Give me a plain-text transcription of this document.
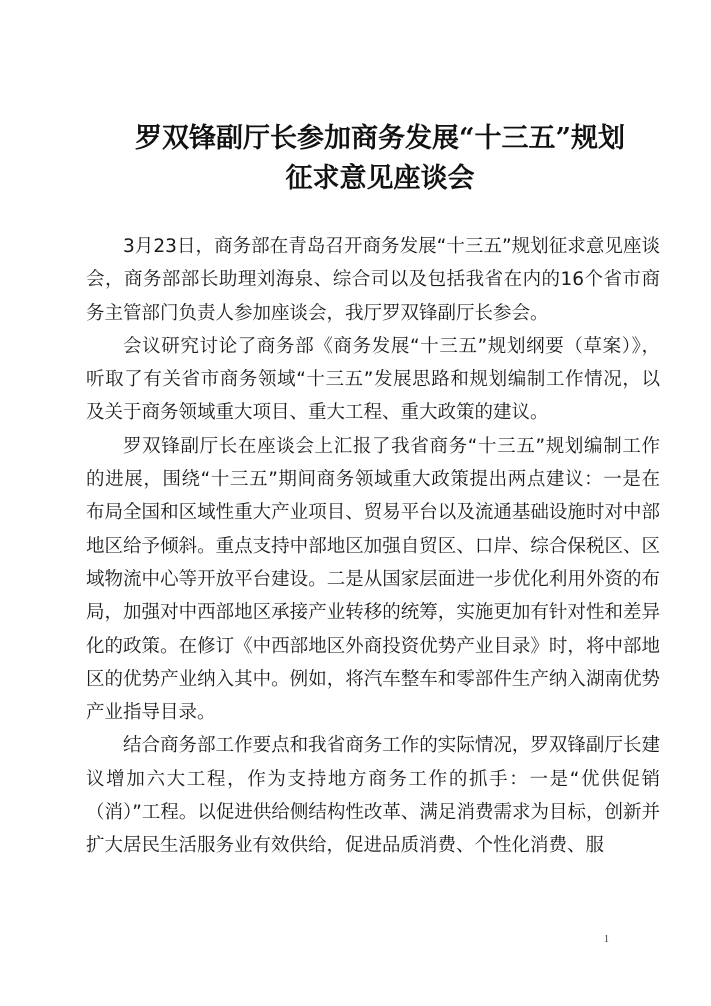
罗双锋副厅长参加商务发展“十三五”规划
征求意见座谈会

3月23日，商务部在青岛召开商务发展“十三五”规划征求意见座谈会，商务部部长助理刘海泉、综合司以及包括我省在内的16个省市商务主管部门负责人参加座谈会，我厅罗双锋副厅长参会。

会议研究讨论了商务部《商务发展“十三五”规划纲要（草案）》，听取了有关省市商务领域“十三五”发展思路和规划编制工作情况，以及关于商务领域重大项目、重大工程、重大政策的建议。

罗双锋副厅长在座谈会上汇报了我省商务“十三五”规划编制工作的进展，围绕“十三五”期间商务领域重大政策提出两点建议：一是在布局全国和区域性重大产业项目、贸易平台以及流通基础设施时对中部地区给予倾斜。重点支持中部地区加强自贸区、口岸、综合保税区、区域物流中心等开放平台建设。二是从国家层面进一步优化利用外资的布局，加强对中西部地区承接产业转移的统筹，实施更加有针对性和差异化的政策。在修订《中西部地区外商投资优势产业目录》时，将中部地区的优势产业纳入其中。例如，将汽车整车和零部件生产纳入湖南优势产业指导目录。

结合商务部工作要点和我省商务工作的实际情况，罗双锋副厅长建议增加六大工程，作为支持地方商务工作的抓手：一是“优供促销（消）”工程。以促进供给侧结构性改革、满足消费需求为目标，创新并扩大居民生活服务业有效供给，促进品质消费、个性化消费、服

1
